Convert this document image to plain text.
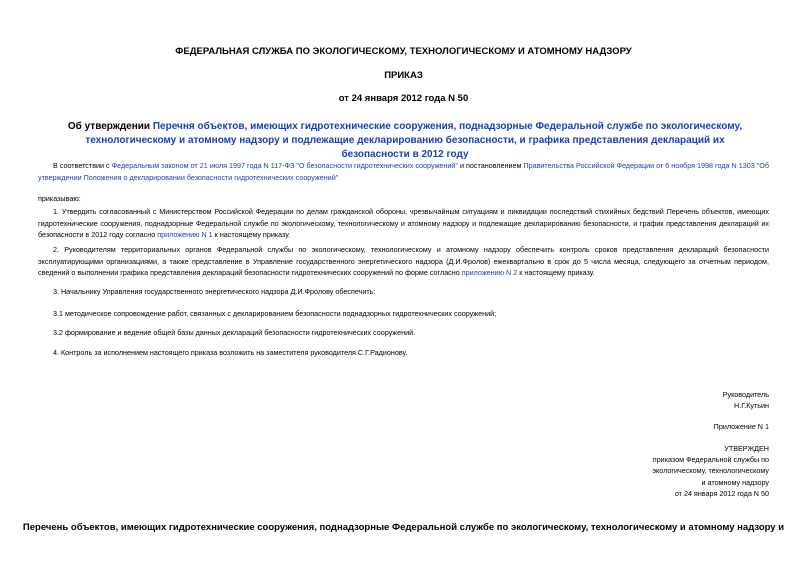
ФЕДЕРАЛЬНАЯ СЛУЖБА ПО ЭКОЛОГИЧЕСКОМУ, ТЕХНОЛОГИЧЕСКОМУ И АТОМНОМУ НАДЗОРУ
ПРИКАЗ
от 24 января 2012 года N 50
Об утверждении Перечня объектов, имеющих гидротехнические сооружения, поднадзорные Федеральной службе по экологическому, технологическому и атомному надзору и подлежащие декларированию безопасности, и графика представления деклараций их безопасности в 2012 году
В соответствии с Федеральным законом от 21 июля 1997 года N 117-ФЗ "О безопасности гидротехнических сооружений" и постановлением Правительства Российской Федерации от 6 ноября 1998 года N 1303 "Об утверждении Положения о декларировании безопасности гидротехнических сооружений"
приказываю:
1. Утвердить согласованный с Министерством Российской Федерации по делам гражданской обороны, чрезвычайным ситуациям и ликвидации последствий стихийных бедствий Перечень объектов, имеющих гидротехнические сооружения, поднадзорные Федеральной службе по экологическому, технологическому и атомному надзору и подлежащие декларированию безопасности, и график представления деклараций их безопасности в 2012 году согласно приложению N 1 к настоящему приказу.
2. Руководителям территориальных органов Федеральной службы по экологическому, технологическому и атомному надзору обеспечить контроль сроков представления деклараций безопасности эксплуатирующими организациями, а также представление в Управление государственного энергетического надзора (Д.И.Фролов) ежеквартально в срок до 5 числа месяца, следующего за отчетным периодом, сведений о выполнении графика представления деклараций безопасности гидротехнических сооружений по форме согласно приложению N 2 к настоящему приказу.
3. Начальнику Управления государственного энергетического надзора Д.И.Фролову обеспечить:
3.1 методическое сопровождение работ, связанных с декларированием безопасности поднадзорных гидротехнических сооружений;
3.2 формирование и ведение общей базы данных деклараций безопасности гидротехнических сооружений.
4. Контроль за исполнением настоящего приказа возложить на заместителя руководителя С.Г.Радионову.
Руководитель
Н.Г.Кутьин
Приложение N 1
УТВЕРЖДЕН
приказом Федеральной службы по
экологическому, технологическому
и атомному надзору
от 24 января 2012 года N 50
Перечень объектов, имеющих гидротехнические сооружения, поднадзорные Федеральной службе по экологическому, технологическому и атомному надзору и
